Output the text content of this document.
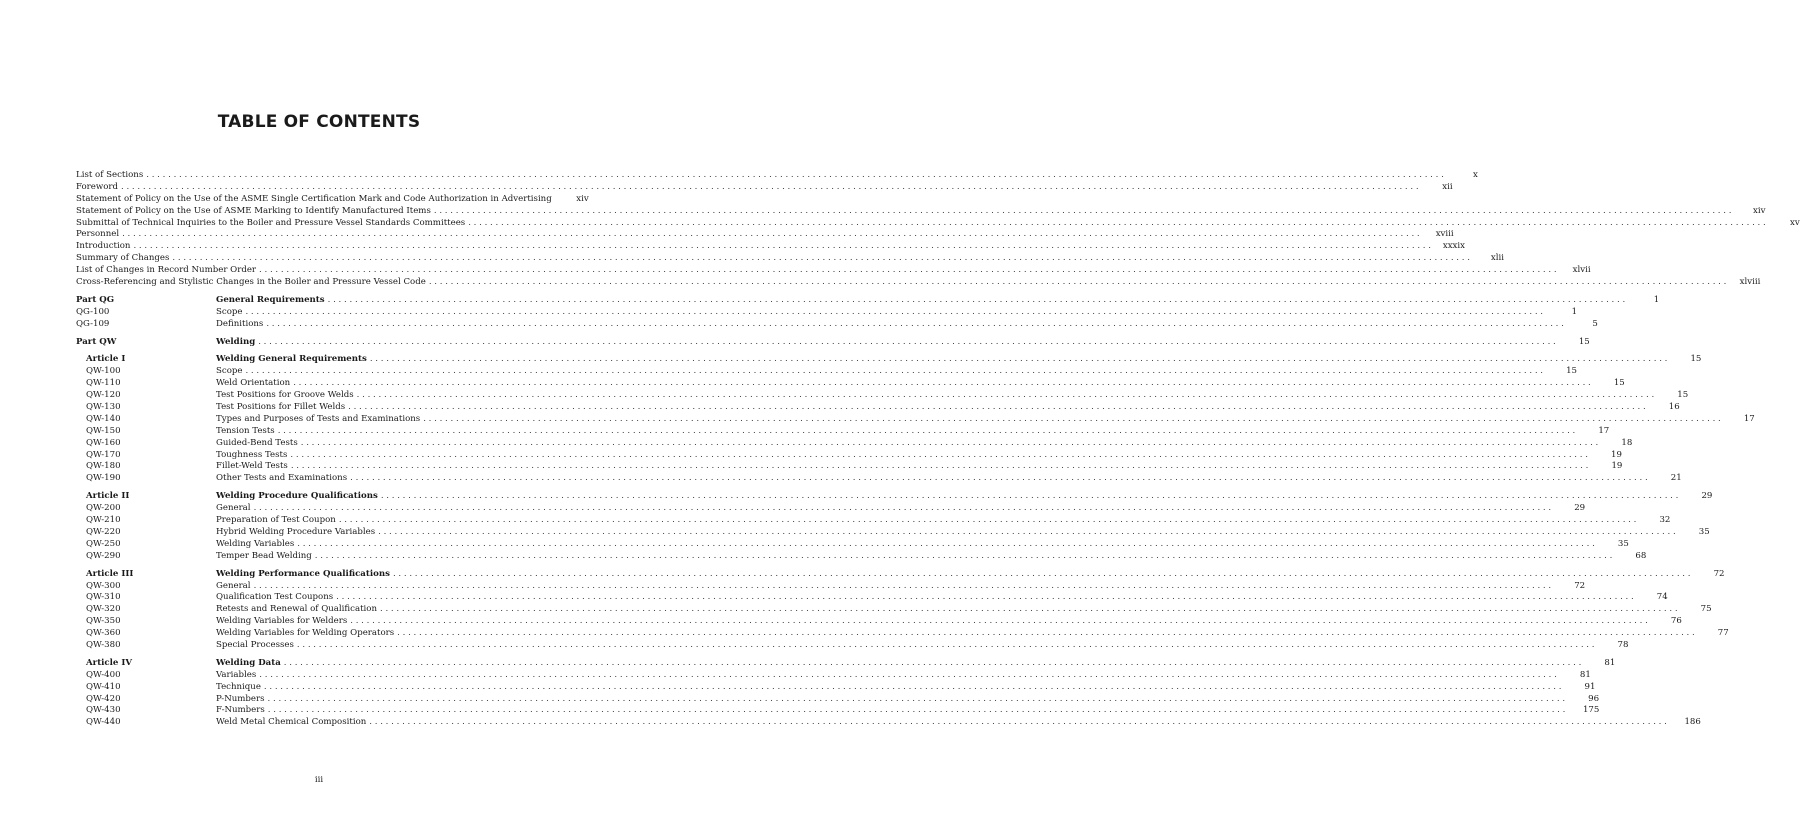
TABLE OF CONTENTS
List of Sections . . .	x
Foreword . . .	xii
Statement of Policy on the Use of the ASME Single Certification Mark and Code Authorization in Advertising	xiv
Statement of Policy on the Use of ASME Marking to Identify Manufactured Items . . .	xiv
Submittal of Technical Inquiries to the Boiler and Pressure Vessel Standards Committees . . .	xv
Personnel . . .	xviii
Introduction . . .	xxxix
Summary of Changes . . .	xlii
List of Changes in Record Number Order . . .	xlvii
Cross-Referencing and Stylistic Changes in the Boiler and Pressure Vessel Code . . .	xlviii
Part QG	General Requirements . . .	1
QG-100	Scope . . .	1
QG-109	Definitions . . .	5
Part QW	Welding . . .	15
Article I	Welding General Requirements . . .	15
QW-100	Scope . . .	15
QW-110	Weld Orientation . . .	15
QW-120	Test Positions for Groove Welds . . .	15
QW-130	Test Positions for Fillet Welds . . .	16
QW-140	Types and Purposes of Tests and Examinations . . .	17
QW-150	Tension Tests . . .	17
QW-160	Guided-Bend Tests . . .	18
QW-170	Toughness Tests . . .	19
QW-180	Fillet-Weld Tests . . .	19
QW-190	Other Tests and Examinations . . .	21
Article II	Welding Procedure Qualifications . . .	29
QW-200	General . . .	29
QW-210	Preparation of Test Coupon . . .	32
QW-220	Hybrid Welding Procedure Variables . . .	35
QW-250	Welding Variables . . .	35
QW-290	Temper Bead Welding . . .	68
Article III	Welding Performance Qualifications . . .	72
QW-300	General . . .	72
QW-310	Qualification Test Coupons . . .	74
QW-320	Retests and Renewal of Qualification . . .	75
QW-350	Welding Variables for Welders . . .	76
QW-360	Welding Variables for Welding Operators . . .	77
QW-380	Special Processes . . .	78
Article IV	Welding Data . . .	81
QW-400	Variables . . .	81
QW-410	Technique . . .	91
QW-420	P-Numbers . . .	96
QW-430	F-Numbers . . .	175
QW-440	Weld Metal Chemical Composition . . .	186
iii
